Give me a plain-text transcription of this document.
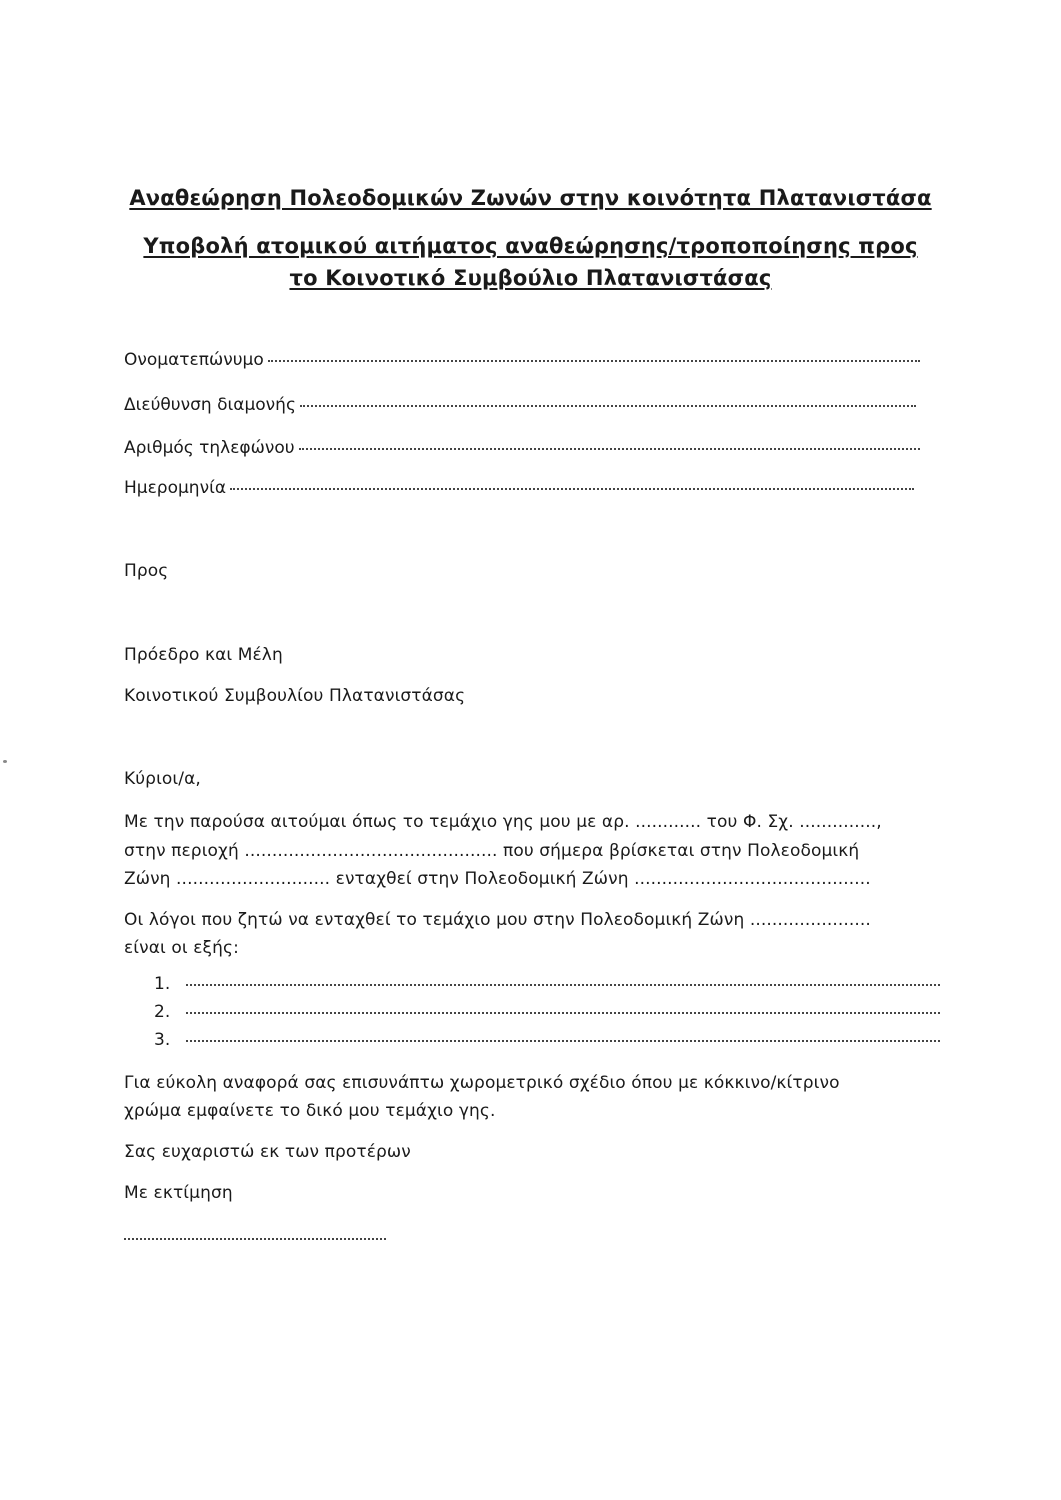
Αναθεώρηση Πολεοδομικών Ζωνών στην κοινότητα Πλατανιστάσα
Υποβολή ατομικού αιτήματος αναθεώρησης/τροποποίησης προς
το Κοινοτικό Συμβούλιο Πλατανιστάσας
Ονοματεπώνυμο
Διεύθυνση διαμονής
Αριθμός τηλεφώνου
Ημερομηνία
Προς
Πρόεδρο και Μέλη
Κοινοτικού Συμβουλίου Πλατανιστάσας
Κύριοι/α,
Με την παρούσα αιτούμαι όπως το τεμάχιο γης μου με αρ. ............ του Φ. Σχ. ..............,
στην περιοχή .............................................. που σήμερα βρίσκεται στην Πολεοδομική
Ζώνη ............................ ενταχθεί στην Πολεοδομική Ζώνη ...........................................
Οι λόγοι που ζητώ να ενταχθεί το τεμάχιο μου στην Πολεοδομική Ζώνη ......................
είναι οι εξής:
1.
2.
3.
Για εύκολη αναφορά σας επισυνάπτω χωρομετρικό σχέδιο όπου με κόκκινο/κίτρινο
χρώμα εμφαίνετε το δικό μου τεμάχιο γης.
Σας ευχαριστώ εκ των προτέρων
Με εκτίμηση
